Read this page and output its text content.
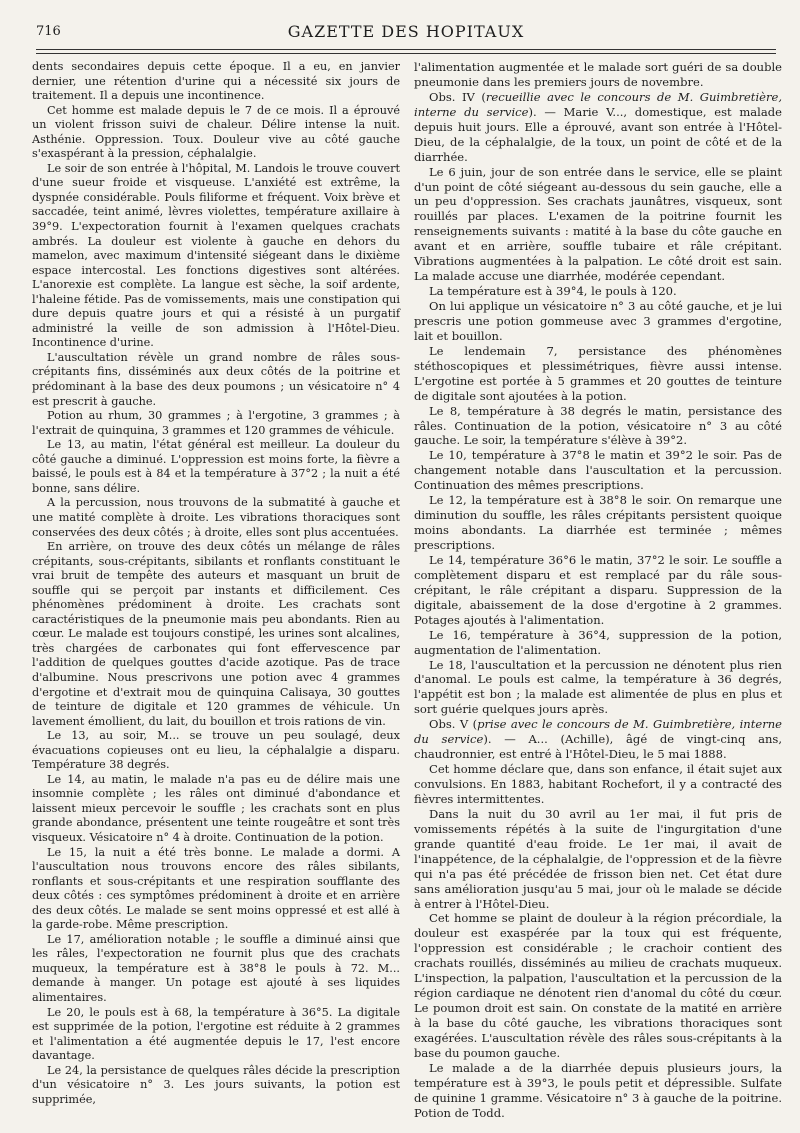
716	GAZETTE DES HOPITAUX

dents secondaires depuis cette époque. Il a eu, en janvier dernier, une rétention d'urine qui a nécessité six jours de traitement. Il a depuis une incontinence.

Cet homme est malade depuis le 7 de ce mois. Il a éprouvé un violent frisson suivi de chaleur. Délire intense la nuit. Asthénie. Oppression. Toux. Douleur vive au côté gauche s'exaspérant à la pression, céphalalgie.

Le soir de son entrée à l'hôpital, M. Landois le trouve couvert d'une sueur froide et visqueuse. L'anxiété est extrême, la dyspnée considérable. Pouls filiforme et fréquent. Voix brève et saccadée, teint animé, lèvres violettes, température axillaire à 39°9. L'expectoration fournit à l'examen quelques crachats ambrés. La douleur est violente à gauche en dehors du mamelon, avec maximum d'intensité siégeant dans le dixième espace intercostal. Les fonctions digestives sont altérées. L'anorexie est complète. La langue est sèche, la soif ardente, l'haleine fétide. Pas de vomissements, mais une constipation qui dure depuis quatre jours et qui a résisté à un purgatif administré la veille de son admission à l'Hôtel-Dieu. Incontinence d'urine.

L'auscultation révèle un grand nombre de râles sous-crépitants fins, disséminés aux deux côtés de la poitrine et prédominant à la base des deux poumons ; un vésicatoire n° 4 est prescrit à gauche.

Potion au rhum, 30 grammes ; à l'ergotine, 3 grammes ; à l'extrait de quinquina, 3 grammes et 120 grammes de véhicule.

Le 13, au matin, l'état général est meilleur. La douleur du côté gauche a diminué. L'oppression est moins forte, la fièvre a baissé, le pouls est à 84 et la température à 37°2 ; la nuit a été bonne, sans délire.

A la percussion, nous trouvons de la submatité à gauche et une matité complète à droite. Les vibrations thoraciques sont conservées des deux côtés ; à droite, elles sont plus accentuées.

En arrière, on trouve des deux côtés un mélange de râles crépitants, sous-crépitants, sibilants et ronflants constituant le vrai bruit de tempête des auteurs et masquant un bruit de souffle qui se perçoit par instants et difficilement. Ces phénomènes prédominent à droite. Les crachats sont caractéristiques de la pneumonie mais peu abondants. Rien au cœur. Le malade est toujours constipé, les urines sont alcalines, très chargées de carbonates qui font effervescence par l'addition de quelques gouttes d'acide azotique. Pas de trace d'albumine. Nous prescrivons une potion avec 4 grammes d'ergotine et d'extrait mou de quinquina Calisaya, 30 gouttes de teinture de digitale et 120 grammes de véhicule. Un lavement émollient, du lait, du bouillon et trois rations de vin.

Le 13, au soir, M... se trouve un peu soulagé, deux évacuations copieuses ont eu lieu, la céphalalgie a disparu. Température 38 degrés.

Le 14, au matin, le malade n'a pas eu de délire mais une insomnie complète ; les râles ont diminué d'abondance et laissent mieux percevoir le souffle ; les crachats sont en plus grande abondance, présentent une teinte rougeâtre et sont très visqueux. Vésicatoire n° 4 à droite. Continuation de la potion.

Le 15, la nuit a été très bonne. Le malade a dormi. A l'auscultation nous trouvons encore des râles sibilants, ronflants et sous-crépitants et une respiration soufflante des deux côtés : ces symptômes prédominent à droite et en arrière des deux côtés. Le malade se sent moins oppressé et est allé à la garde-robe. Même prescription.

Le 17, amélioration notable ; le souffle a diminué ainsi que les râles, l'expectoration ne fournit plus que des crachats muqueux, la température est à 38°8 le pouls à 72. M... demande à manger. Un potage est ajouté à ses liquides alimentaires.

Le 20, le pouls est à 68, la température à 36°5. La digitale est supprimée de la potion, l'ergotine est réduite à 2 grammes et l'alimentation a été augmentée depuis le 17, l'est encore davantage.

Le 24, la persistance de quelques râles décide la prescription d'un vésicatoire n° 3. Les jours suivants, la potion est supprimée,

l'alimentation augmentée et le malade sort guéri de sa double pneumonie dans les premiers jours de novembre.

Obs. IV (recueillie avec le concours de M. Guimbretière, interne du service). — Marie V..., domestique, est malade depuis huit jours. Elle a éprouvé, avant son entrée à l'Hôtel-Dieu, de la céphalalgie, de la toux, un point de côté et de la diarrhée.

Le 6 juin, jour de son entrée dans le service, elle se plaint d'un point de côté siégeant au-dessous du sein gauche, elle a un peu d'oppression. Ses crachats jaunâtres, visqueux, sont rouillés par places. L'examen de la poitrine fournit les renseignements suivants : matité à la base du côte gauche en avant et en arrière, souffle tubaire et râle crépitant. Vibrations augmentées à la palpation. Le côté droit est sain. La malade accuse une diarrhée, modérée cependant.

La température est à 39°4, le pouls à 120.

On lui applique un vésicatoire n° 3 au côté gauche, et je lui prescris une potion gommeuse avec 3 grammes d'ergotine, lait et bouillon.

Le lendemain 7, persistance des phénomènes stéthoscopiques et plessimétriques, fièvre aussi intense. L'ergotine est portée à 5 grammes et 20 gouttes de teinture de digitale sont ajoutées à la potion.

Le 8, température à 38 degrés le matin, persistance des râles. Continuation de la potion, vésicatoire n° 3 au côté gauche. Le soir, la température s'élève à 39°2.

Le 10, température à 37°8 le matin et 39°2 le soir. Pas de changement notable dans l'auscultation et la percussion. Continuation des mêmes prescriptions.

Le 12, la température est à 38°8 le soir. On remarque une diminution du souffle, les râles crépitants persistent quoique moins abondants. La diarrhée est terminée ; mêmes prescriptions.

Le 14, température 36°6 le matin, 37°2 le soir. Le souffle a complètement disparu et est remplacé par du râle sous-crépitant, le râle crépitant a disparu. Suppression de la digitale, abaissement de la dose d'ergotine à 2 grammes. Potages ajoutés à l'alimentation.

Le 16, température à 36°4, suppression de la potion, augmentation de l'alimentation.

Le 18, l'auscultation et la percussion ne dénotent plus rien d'anomal. Le pouls est calme, la température à 36 degrés, l'appétit est bon ; la malade est alimentée de plus en plus et sort guérie quelques jours après.

Obs. V (prise avec le concours de M. Guimbretière, interne du service). — A... (Achille), âgé de vingt-cinq ans, chaudronnier, est entré à l'Hôtel-Dieu, le 5 mai 1888.

Cet homme déclare que, dans son enfance, il était sujet aux convulsions. En 1883, habitant Rochefort, il y a contracté des fièvres intermittentes.

Dans la nuit du 30 avril au 1er mai, il fut pris de vomissements répétés à la suite de l'ingurgitation d'une grande quantité d'eau froide. Le 1er mai, il avait de l'inappétence, de la céphalalgie, de l'oppression et de la fièvre qui n'a pas été précédée de frisson bien net. Cet état dure sans amélioration jusqu'au 5 mai, jour où le malade se décide à entrer à l'Hôtel-Dieu.

Cet homme se plaint de douleur à la région précordiale, la douleur est exaspérée par la toux qui est fréquente, l'oppression est considérable ; le crachoir contient des crachats rouillés, disséminés au milieu de crachats muqueux. L'inspection, la palpation, l'auscultation et la percussion de la région cardiaque ne dénotent rien d'anomal du côté du cœur. Le poumon droit est sain. On constate de la matité en arrière à la base du côté gauche, les vibrations thoraciques sont exagérées. L'auscultation révèle des râles sous-crépitants à la base du poumon gauche.

Le malade a de la diarrhée depuis plusieurs jours, la température est à 39°3, le pouls petit et dépressible. Sulfate de quinine 1 gramme. Vésicatoire n° 3 à gauche de la poitrine. Potion de Todd.
